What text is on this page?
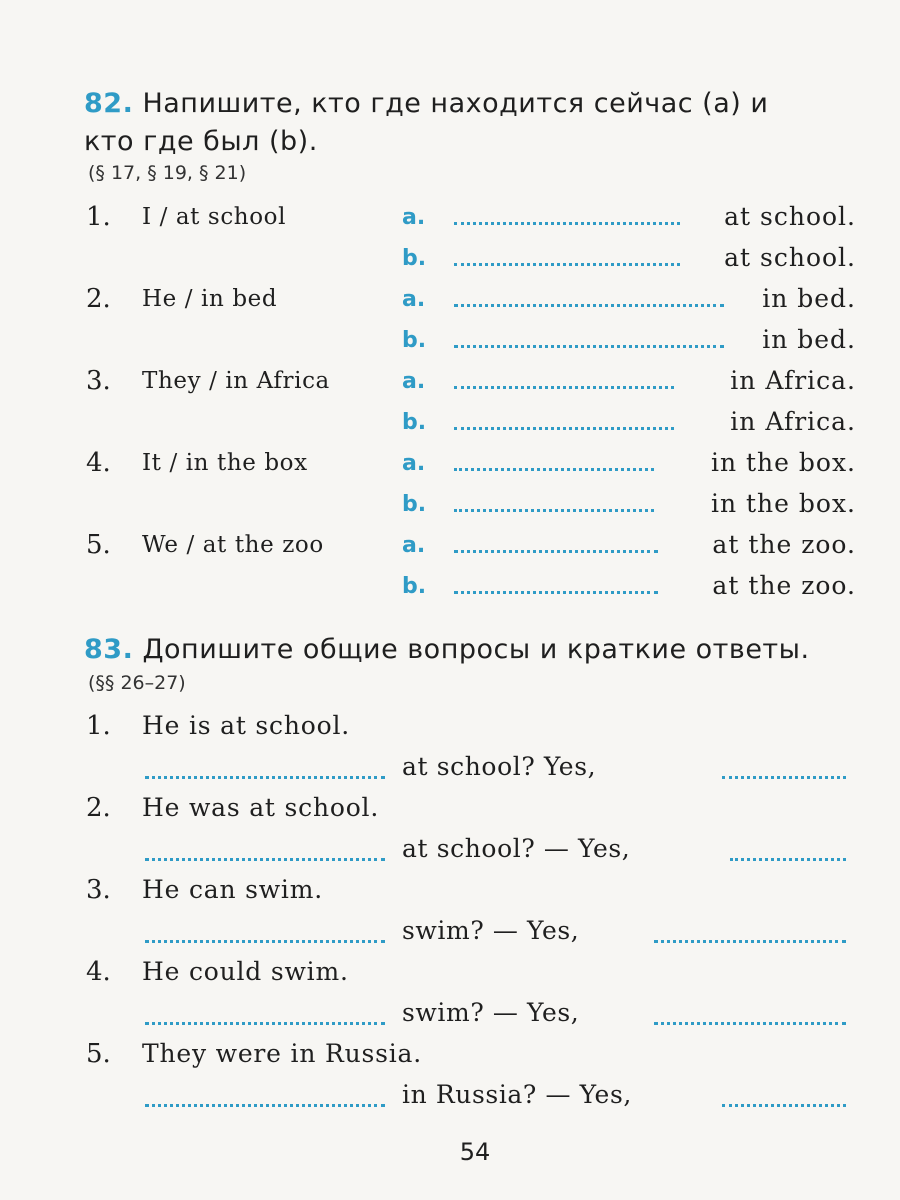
82. Напишите, кто где находится сейчас (a) и
кто где был (b).
(§ 17, § 19, § 21)
1. I / at school	a.	at school.
b.	at school.
2. He / in bed	a.	in bed.
b.	in bed.
3. They / in Africa	a.	in Africa.
b.	in Africa.
4. It / in the box	a.	in the box.
b.	in the box.
5. We / at the zoo	a.	at the zoo.
b.	at the zoo.
83. Допишите общие вопросы и краткие ответы.
(§§ 26–27)
1. He is at school.
at school? Yes,
2. He was at school.
at school? — Yes,
3. He can swim.
swim? — Yes,
4. He could swim.
swim? — Yes,
5. They were in Russia.
in Russia? — Yes,
54
